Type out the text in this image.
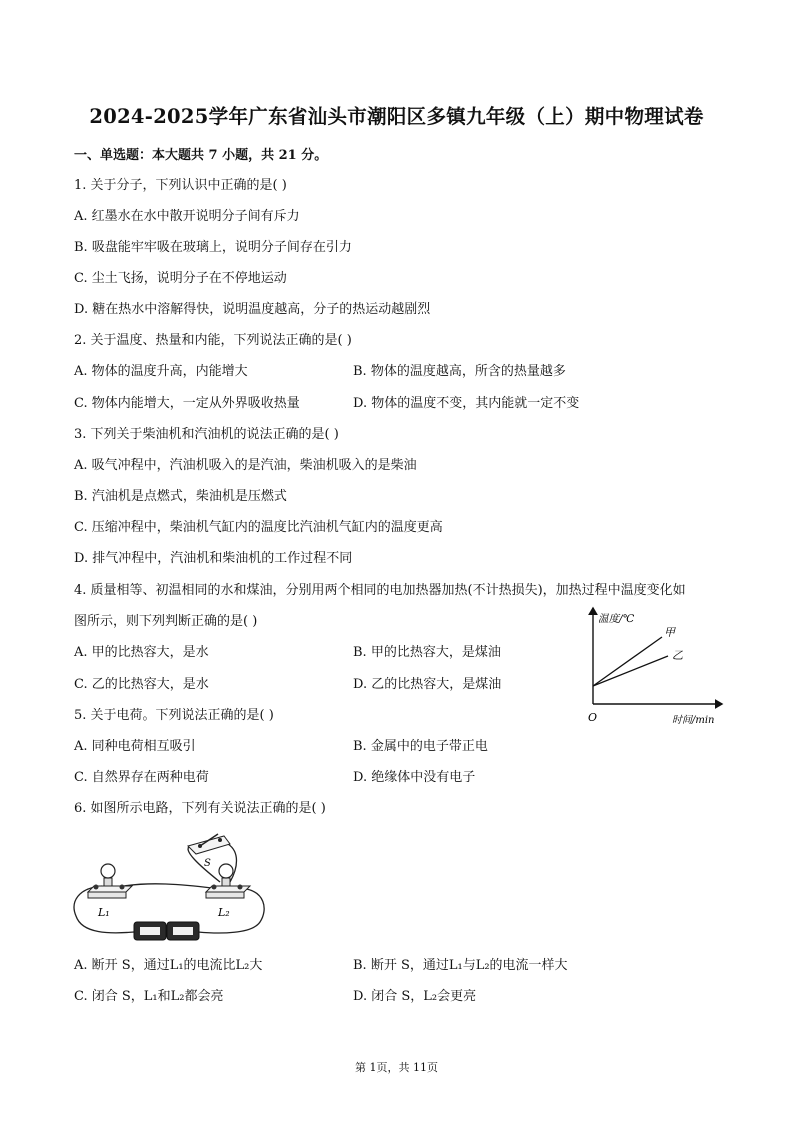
2024-2025学年广东省汕头市潮阳区多镇九年级（上）期中物理试卷
一、单选题：本大题共 7 小题，共 21 分。
1. 关于分子，下列认识中正确的是( )
A. 红墨水在水中散开说明分子间有斥力
B. 吸盘能牢牢吸在玻璃上，说明分子间存在引力
C. 尘土飞扬，说明分子在不停地运动
D. 糖在热水中溶解得快，说明温度越高，分子的热运动越剧烈
2. 关于温度、热量和内能，下列说法正确的是( )
A. 物体的温度升高，内能增大	B. 物体的温度越高，所含的热量越多
C. 物体内能增大，一定从外界吸收热量	D. 物体的温度不变，其内能就一定不变
3. 下列关于柴油机和汽油机的说法正确的是( )
A. 吸气冲程中，汽油机吸入的是汽油，柴油机吸入的是柴油
B. 汽油机是点燃式，柴油机是压燃式
C. 压缩冲程中，柴油机气缸内的温度比汽油机气缸内的温度更高
D. 排气冲程中，汽油机和柴油机的工作过程不同
4. 质量相等、初温相同的水和煤油，分别用两个相同的电加热器加热(不计热损失)，加热过程中温度变化如
图所示，则下列判断正确的是( )
A. 甲的比热容大，是水	B. 甲的比热容大，是煤油
C. 乙的比热容大，是水	D. 乙的比热容大，是煤油
温度/℃
甲
乙
O	时间/min
5. 关于电荷。下列说法正确的是( )
A. 同种电荷相互吸引	B. 金属中的电子带正电
C. 自然界存在两种电荷	D. 绝缘体中没有电子
6. 如图所示电路，下列有关说法正确的是( )
S
L₁	L₂
A. 断开 S，通过L₁的电流比L₂大	B. 断开 S，通过L₁与L₂的电流一样大
C. 闭合 S，L₁和L₂都会亮	D. 闭合 S，L₂会更亮
第 1页，共 11页
